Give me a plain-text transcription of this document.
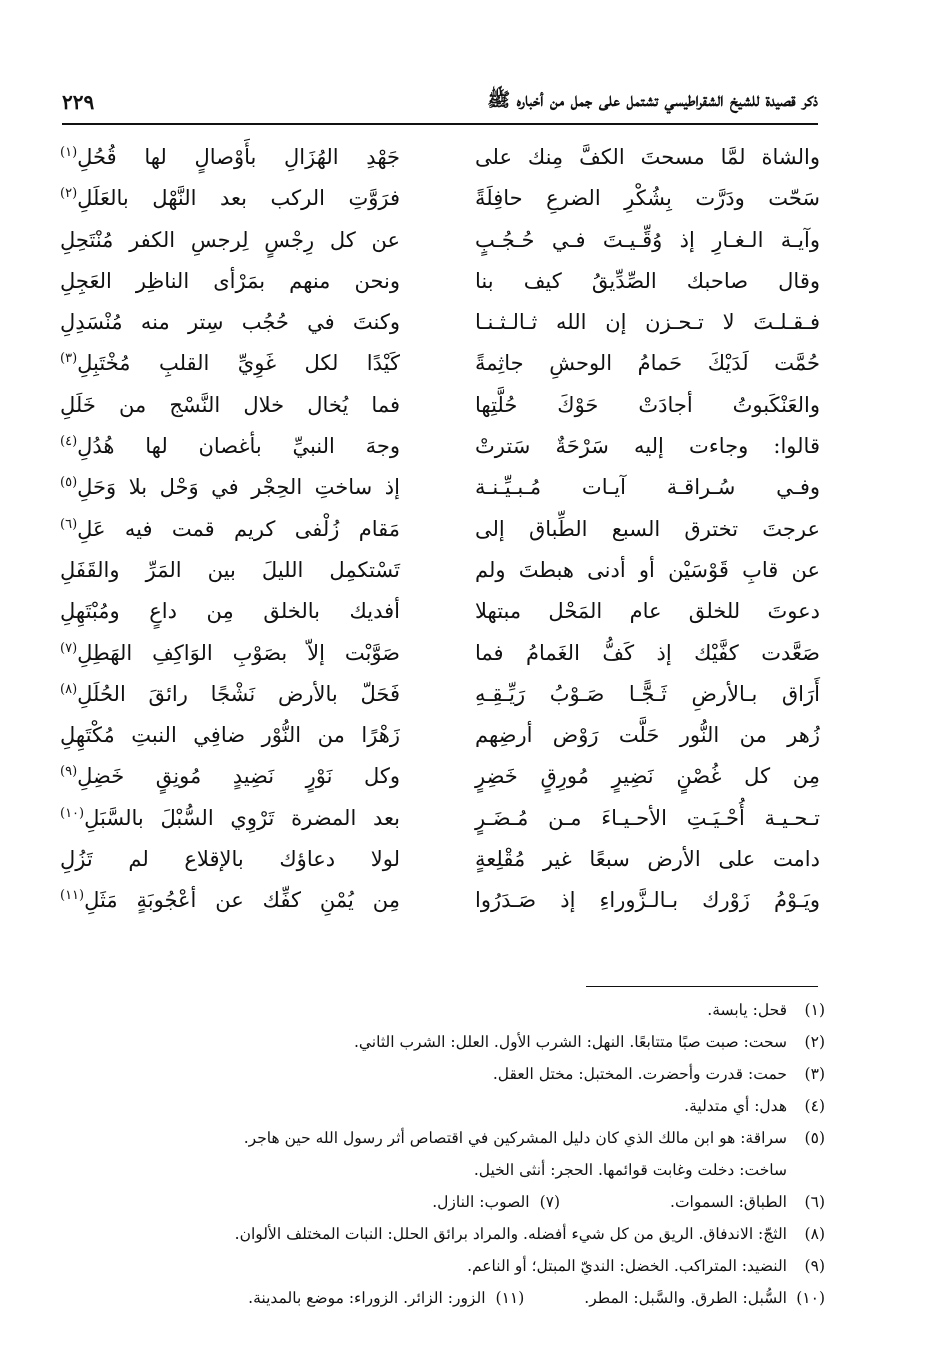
ذكر قصيدة للشيخ الشقراطيسي تشتمل على جمل من أخباره ﷺ
٢٢٩
والشاة لمَّا مسحتَ الكفَّ مِنك على
سَحّت ودَرَّت بِشُكْرِ الضرعِ حافِلَةً
وآيـة الـغـارِ إذ وُقِّـيـتَ فـي حُـجُـبٍ
وقال صاحبك الصِّدِّيقُ كيف بنا
فـقـلـتَ لا تـحـزن إن الله ثـالـثـنـا
حُمَّت لَدَيْكَ حَمامُ الوحشِ جاثِمةً
والعَنْكَبوتُ أجادَتْ حَوْكَ حُلَّتِها
قالوا: وجاءت إليه سَرْحَةٌ سَترتْ
وفـي سُـراقـة آيـات مُـبـيِّـنـة
عرجتَ تخترق السبع الطِّباق إلى
عن قابِ قَوْسَيْن أو أدنى هبطتَ ولم
دعوتَ للخلق عام المَحْل مبتهلا
صَعَّدت كفَّيْك إذ كَفُّ الغَمامُ فما
أَرَاق بـالأرضِ ثَـجًّـا صَـوْبُ رَيِّـقِـهِ
زُهر من النُّور حَلَّت رَوْض أرضِهم
مِن كل غُصْنٍ نَضِيرٍ مُورِقٍ خَضِرٍ
تـحـيـة أُحْـيَـتِ الأحـيـاءَ مـن مُـضَـرٍ
دامت على الأرض سبعًا غير مُقْلِعةٍ
ويَـوْمُ زَوْرك بـالـزَّوراءِ إذ صَـدَرُوا
جَهْدِ الهُزَالِ بأَوْصالٍ لها قُحُلِ$^{(١)}$
فرَوَّتِ الركب بعد النَّهْل بالعَلَلِ$^{(٢)}$
عن كل رِجْسٍ لِرجسِ الكفر مُنْتَحِلِ
ونحن منهم بمَرْأى الناظِر العَجِلِ
وكنتَ في حُجُب سِتر منه مُنْسَدِلِ
كَيْدًا لكل غَوِيِّ القلبِ مُخْتَبِلِ$^{(٣)}$
فما يُخال خلال النَّسْج من خَلَلِ
وجهَ النبيِّ بأغصان لها هُدُلِ$^{(٤)}$
إذ ساختِ الحِجْر في وَحْل بلا وَحَلِ$^{(٥)}$
مَقام زُلْفى كريم قمت فيه عَلِ$^{(٦)}$
تَسْتكمِل الليلَ بين المَرِّ والقَفَلِ
أفديك بالخلق مِن داعٍ ومُبْتَهِلِ
صَوَّبْت إلاّ بصَوْبِ الوَاكِفِ الهَطِلِ$^{(٧)}$
فَحَلّ بالأرض نَشْجًا رائقَ الحُلَلِ$^{(٨)}$
زَهْرًا من النُّوْر ضافِي النبتِ مُكْتَهِلِ
وكل نَوْرٍ نَضِيدٍ مُونِقٍ خَضِلِ$^{(٩)}$
بعد المضرة تَرْوِي السُّبْلَ بالسَّبَلِ$^{(١٠)}$
لولا دعاؤك بالإقلاع لم تَزُلِ
مِن يُمْنِ كفِّك عن أعْجُوبَةٍ مَثَلِ$^{(١١)}$
(١)
قحل: يابسة.
(٢)
سحت: صبت صبًا متتابعًا. النهل: الشرب الأول. العلل: الشرب الثاني.
(٣)
حمت: قدرت وأحضرت. المختبل: مختل العقل.
(٤)
هدل: أي متدلية.
(٥)
سراقة: هو ابن مالك الذي كان دليل المشركين في اقتصاص أثر رسول الله حين هاجر.
ساخت: دخلت وغابت قوائمها. الحجر: أنثى الخيل.
(٦)
الطباق: السموات.
(٧)
الصوب: النازل.
(٨)
الثجّ: الاندفاق. الريق من كل شيء أفضله. والمراد برائق الحلل: النبات المختلف الألوان.
(٩)
النضيد: المتراكب. الخضل: النديّ المبتل؛ أو الناعم.
(١٠)
السُّبل: الطرق. والسَّبل: المطر.
(١١)
الزور: الزائر. الزوراء: موضع بالمدينة.
